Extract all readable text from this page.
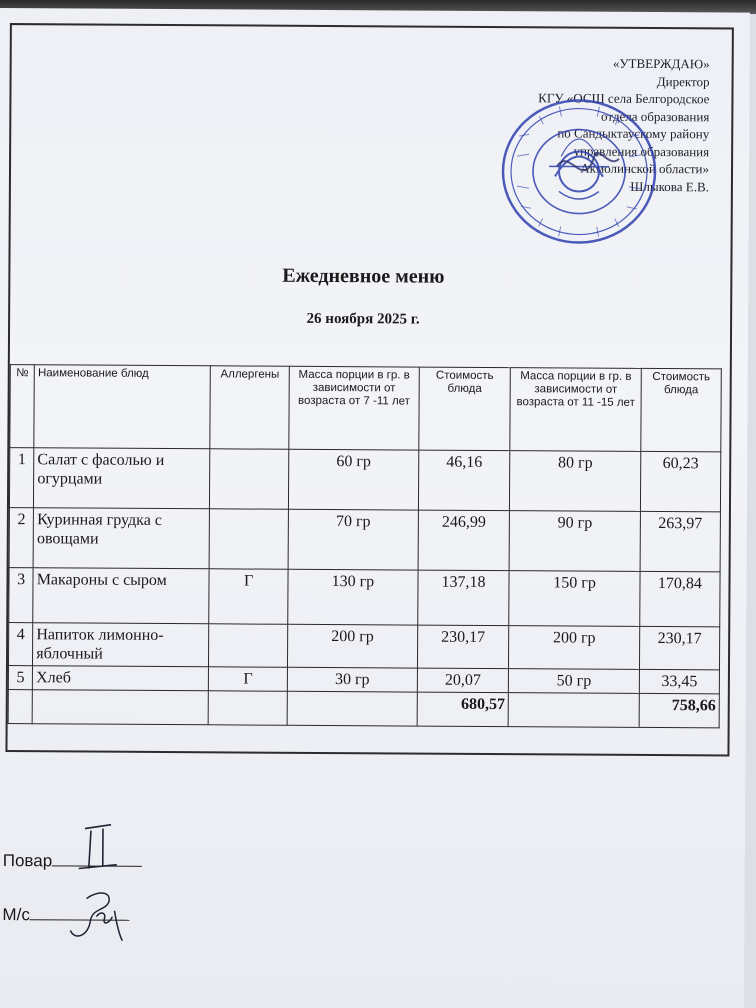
«УТВЕРЖДАЮ»
Директор
КГУ «ОСШ села Белгородское
отдела образования
по Сандыктаускому району
управления образования
Акмолинской области»
Шлыкова Е.В.
Ежедневное меню
26 ноября 2025 г.
№	Наименование блюд	Аллергены	Масса порции в гр. в зависимости от возраста от 7 -11 лет	Стоимость блюда	Масса порции в гр. в зависимости от возраста от 11 -15 лет	Стоимость блюда
1	Салат с фасолью и огурцами		60 гр	46,16	80 гр	60,23
2	Куринная грудка с овощами		70 гр	246,99	90 гр	263,97
3	Макароны с сыром	Г	130 гр	137,18	150 гр	170,84
4	Напиток лимонно-яблочный		200 гр	230,17	200 гр	230,17
5	Хлеб	Г	30 гр	20,07	50 гр	33,45
				680,57		758,66
Повар
М/с
